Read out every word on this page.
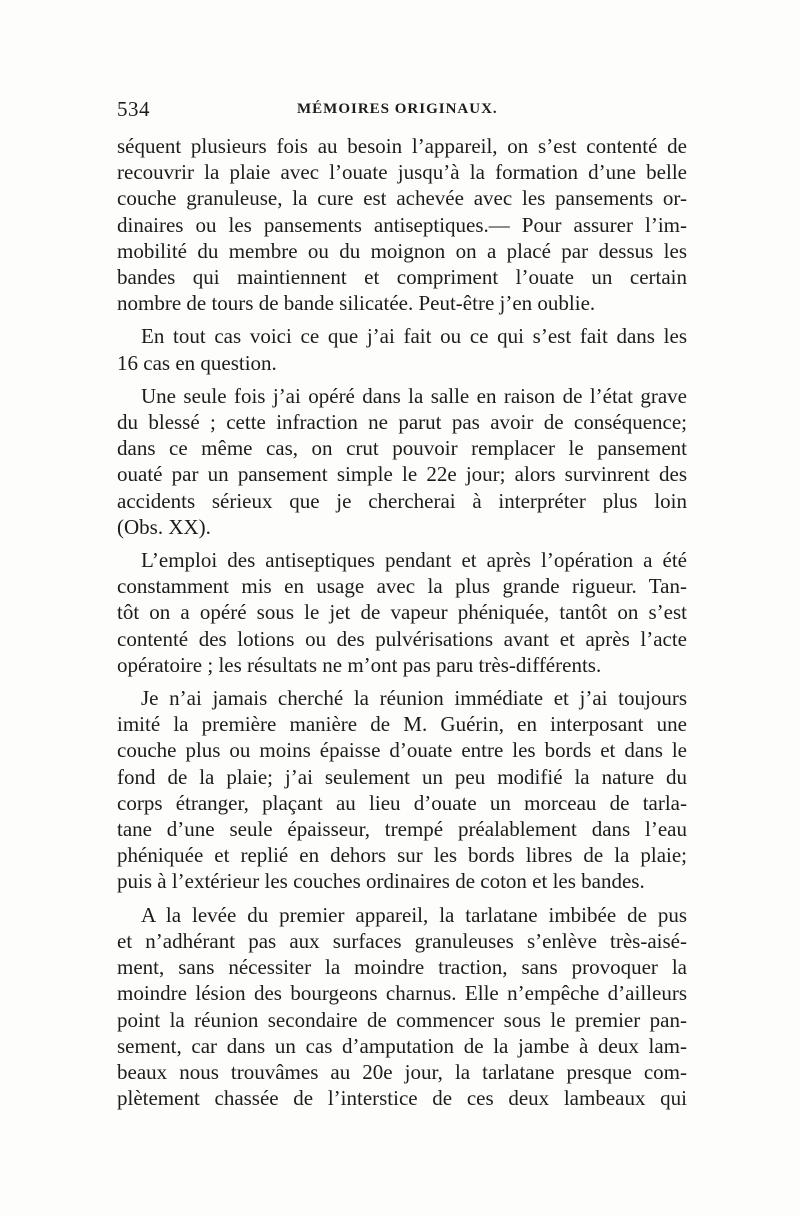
534	MÉMOIRES ORIGINAUX.
séquent plusieurs fois au besoin l’appareil, on s’est contenté de
recouvrir la plaie avec l’ouate jusqu’à la formation d’une belle
couche granuleuse, la cure est achevée avec les pansements or-
dinaires ou les pansements antiseptiques.— Pour assurer l’im-
mobilité du membre ou du moignon on a placé par dessus les
bandes qui maintiennent et compriment l’ouate un certain
nombre de tours de bande silicatée. Peut-être j’en oublie.
En tout cas voici ce que j’ai fait ou ce qui s’est fait dans les
16 cas en question.
Une seule fois j’ai opéré dans la salle en raison de l’état grave
du blessé ; cette infraction ne parut pas avoir de conséquence;
dans ce même cas, on crut pouvoir remplacer le pansement
ouaté par un pansement simple le 22e jour; alors survinrent des
accidents sérieux que je chercherai à interpréter plus loin
(Obs. XX).
L’emploi des antiseptiques pendant et après l’opération a été
constamment mis en usage avec la plus grande rigueur. Tan-
tôt on a opéré sous le jet de vapeur phéniquée, tantôt on s’est
contenté des lotions ou des pulvérisations avant et après l’acte
opératoire ; les résultats ne m’ont pas paru très-différents.
Je n’ai jamais cherché la réunion immédiate et j’ai toujours
imité la première manière de M. Guérin, en interposant une
couche plus ou moins épaisse d’ouate entre les bords et dans le
fond de la plaie; j’ai seulement un peu modifié la nature du
corps étranger, plaçant au lieu d’ouate un morceau de tarla-
tane d’une seule épaisseur, trempé préalablement dans l’eau
phéniquée et replié en dehors sur les bords libres de la plaie;
puis à l’extérieur les couches ordinaires de coton et les bandes.
A la levée du premier appareil, la tarlatane imbibée de pus
et n’adhérant pas aux surfaces granuleuses s’enlève très-aisé-
ment, sans nécessiter la moindre traction, sans provoquer la
moindre lésion des bourgeons charnus. Elle n’empêche d’ailleurs
point la réunion secondaire de commencer sous le premier pan-
sement, car dans un cas d’amputation de la jambe à deux lam-
beaux nous trouvâmes au 20e jour, la tarlatane presque com-
plètement chassée de l’interstice de ces deux lambeaux qui
